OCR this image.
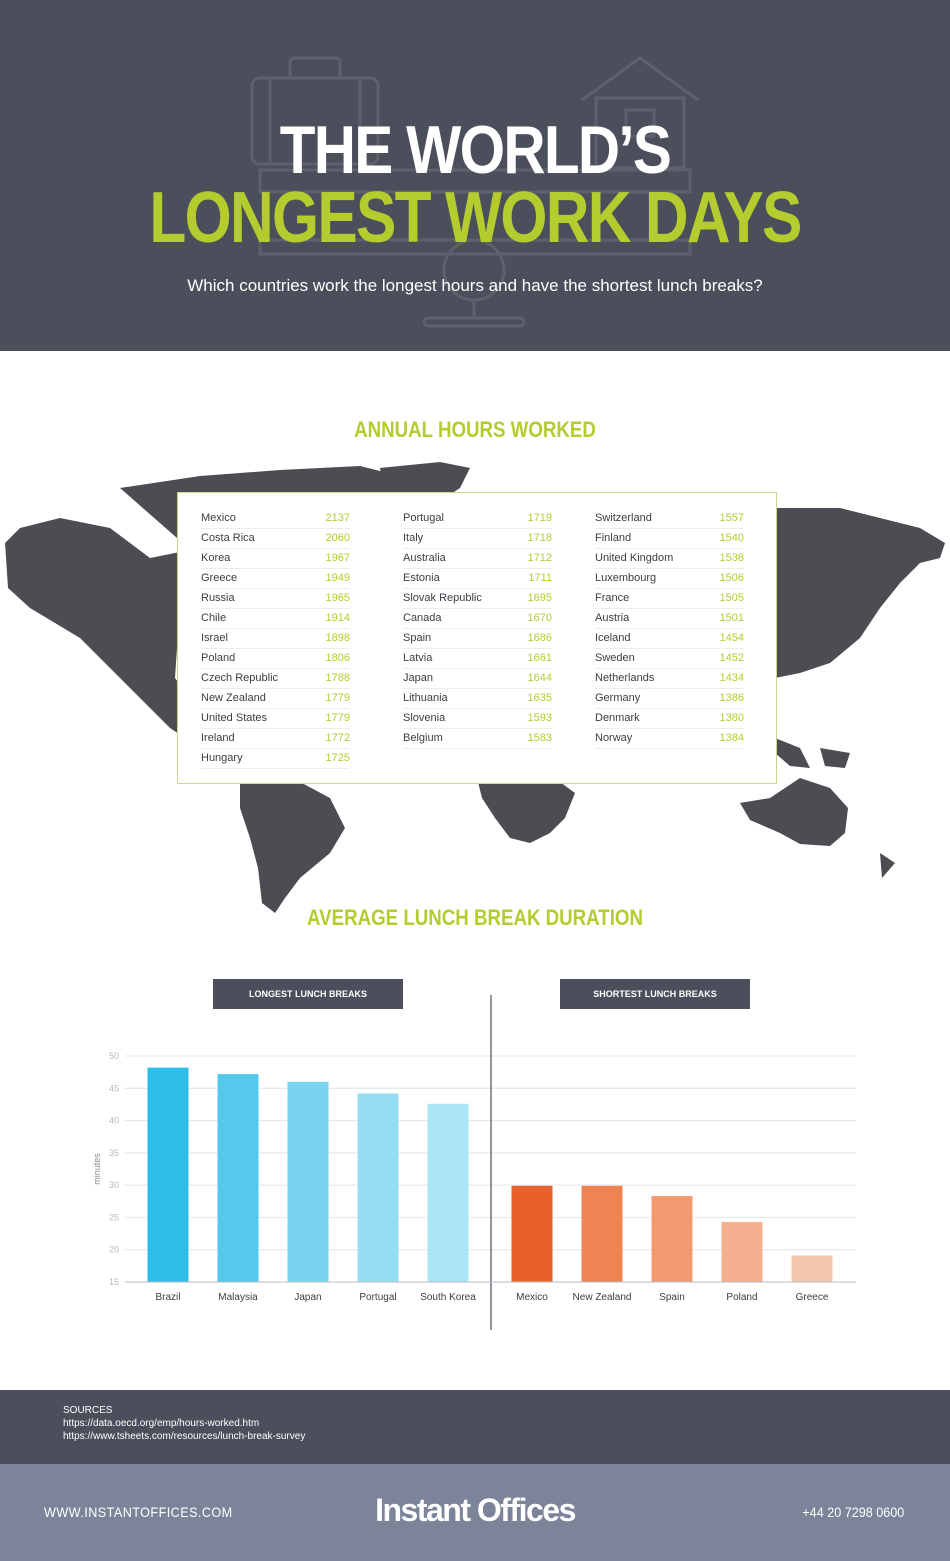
THE WORLD’S
LONGEST WORK DAYS
Which countries work the longest hours and have the shortest lunch breaks?
ANNUAL HOURS WORKED
Mexico	2137
Costa Rica	2060
Korea	1967
Greece	1949
Russia	1965
Chile	1914
Israel	1898
Poland	1806
Czech Republic	1788
New Zealand	1779
United States	1779
Ireland	1772
Hungary	1725
Portugal	1719
Italy	1718
Australia	1712
Estonia	1711
Slovak Republic	1695
Canada	1670
Spain	1686
Latvia	1661
Japan	1644
Lithuania	1635
Slovenia	1593
Belgium	1583
Switzerland	1557
Finland	1540
United Kingdom	1538
Luxembourg	1506
France	1505
Austria	1501
Iceland	1454
Sweden	1452
Netherlands	1434
Germany	1386
Denmark	1380
Norway	1384
AVERAGE LUNCH BREAK DURATION
LONGEST LUNCH BREAKS	SHORTEST LUNCH BREAKS
15
20
25
30
35
40
45
50
minutes
Brazil	Malaysia	Japan	Portugal South Korea	Mexico New Zealand	Spain	Poland	Greece
SOURCES
https://data.oecd.org/emp/hours-worked.htm
https://www.tsheets.com/resources/lunch-break-survey
WWW.INSTANTOFFICES.COM	Instant Offices	+44 20 7298 0600
